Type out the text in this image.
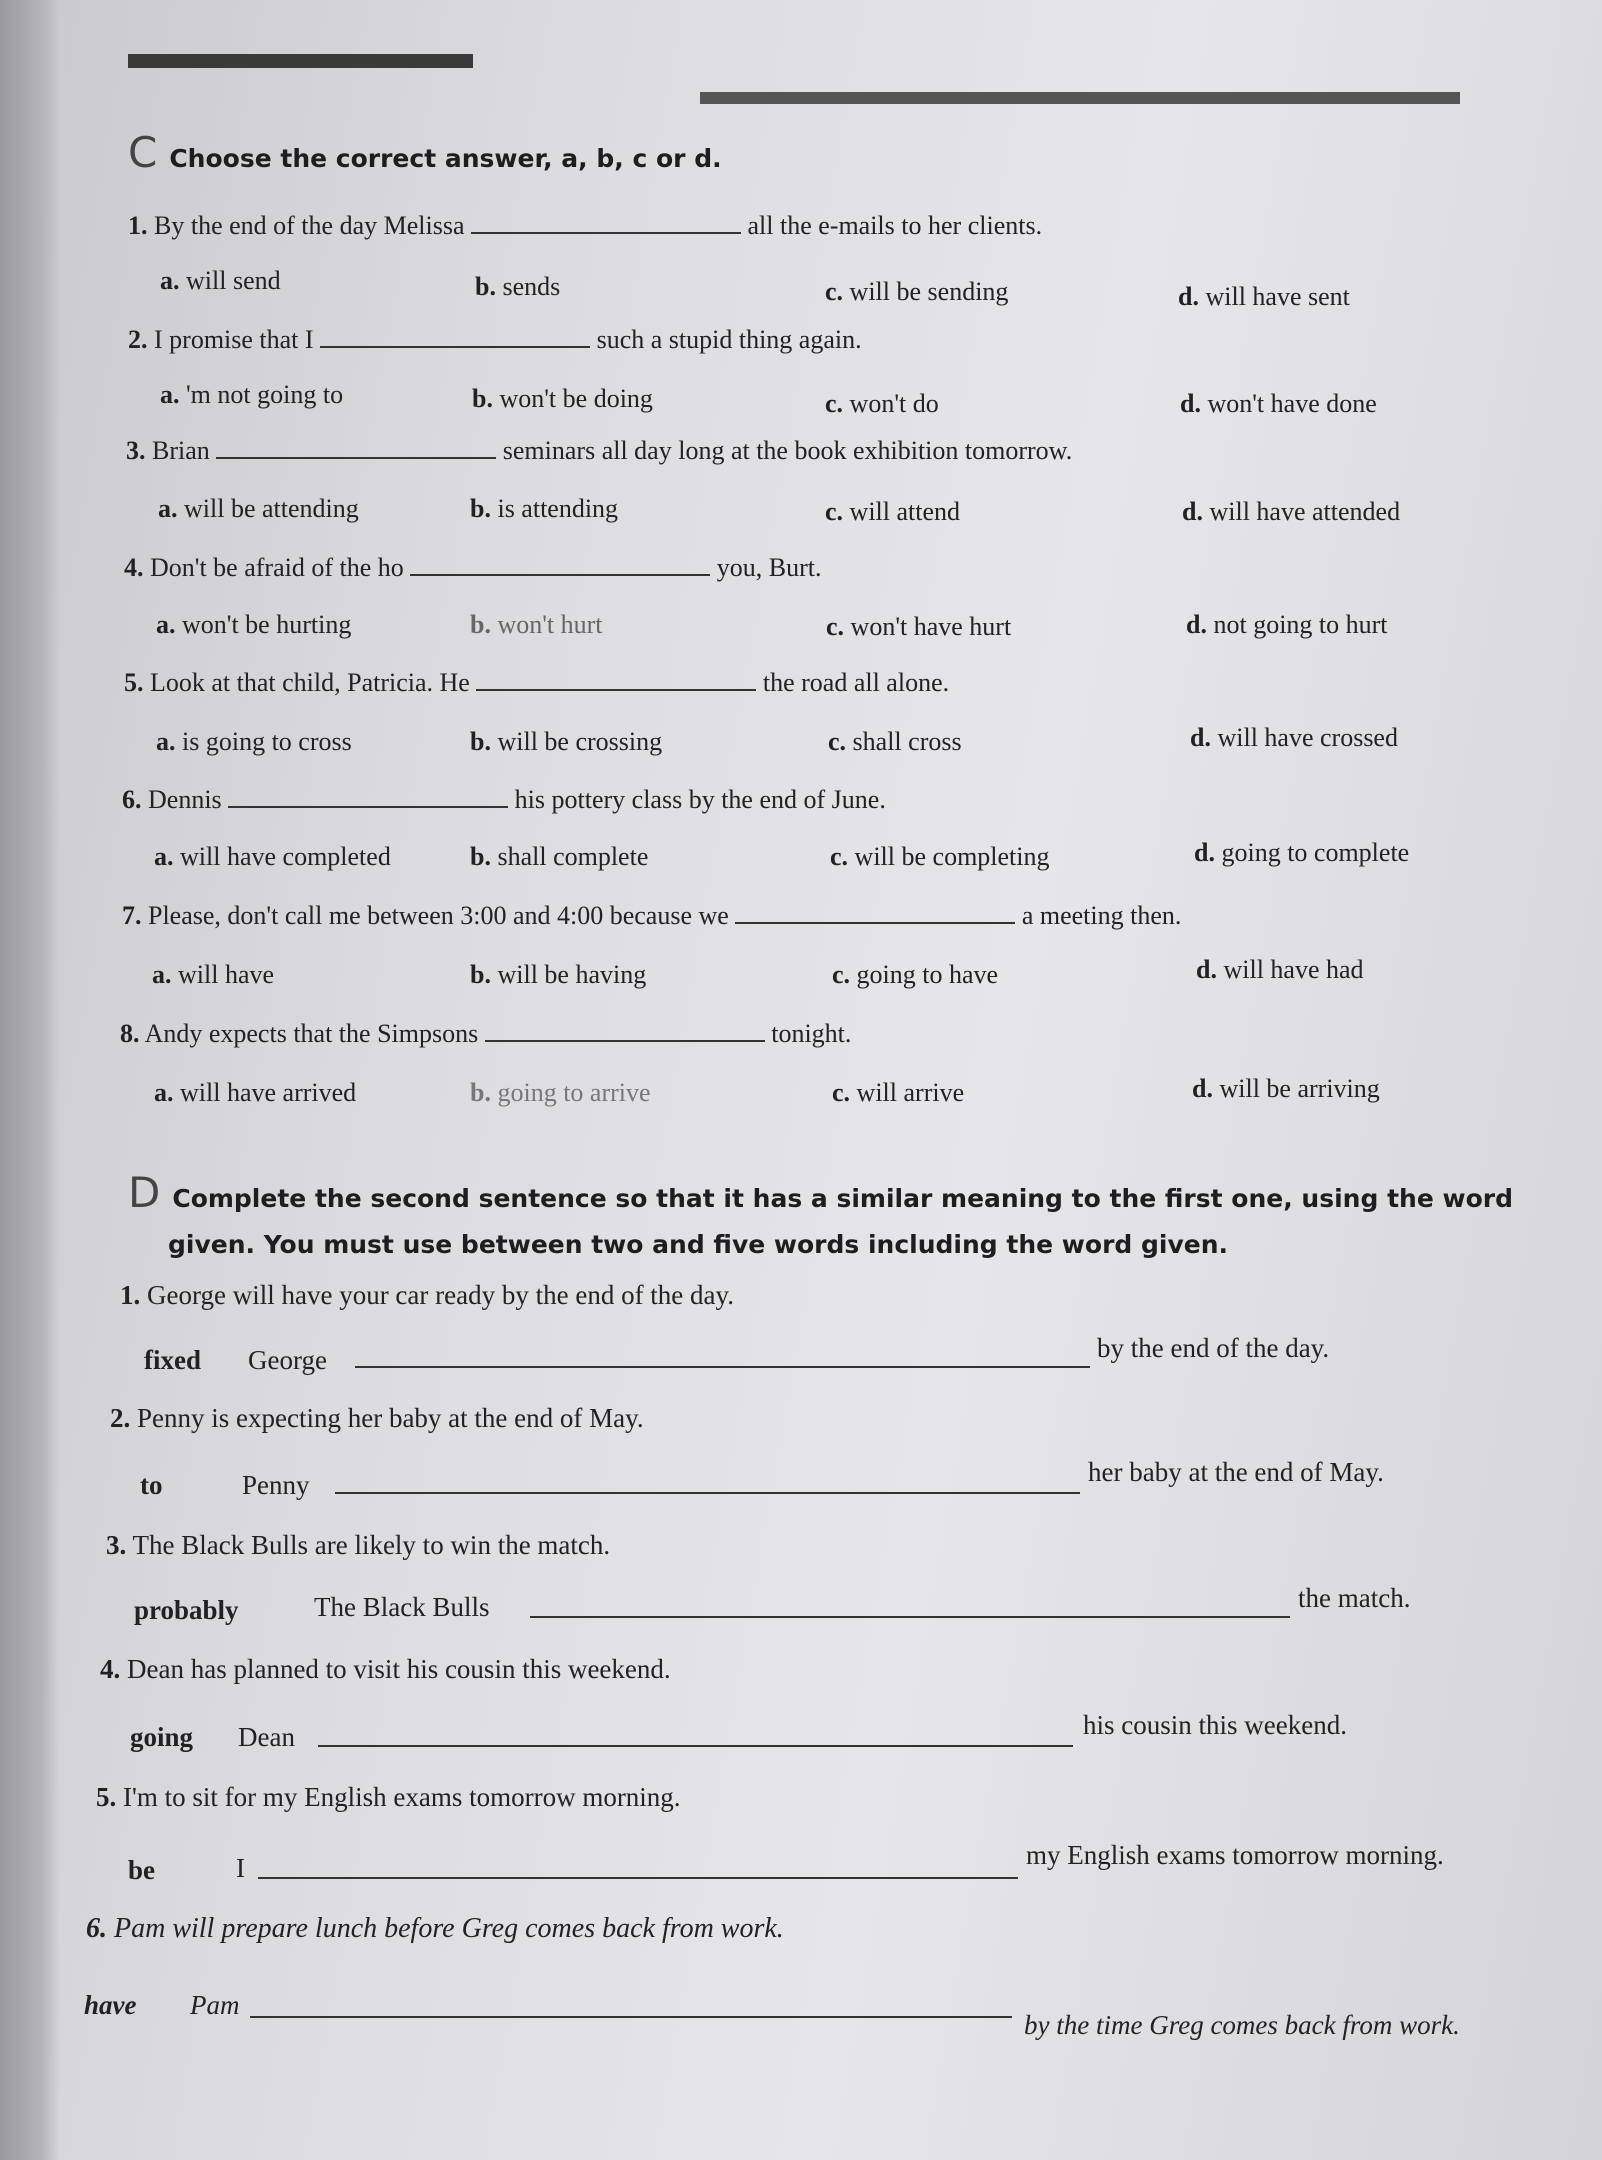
C Choose the correct answer, a, b, c or d.
1. By the end of the day Melissa	all the e-mails to her clients.
a. will send	b. sends	c. will be sending	d. will have sent
2. I promise that I	such a stupid thing again.
a. 'm not going to	b. won't be doing	c. won't do	d. won't have done
3. Brian	seminars all day long at the book exhibition tomorrow.
a. will be attending	b. is attending	c. will attend	d. will have attended
4. Don't be afraid of the ho	you, Burt.
a. won't be hurting	b. won't hurt	c. won't have hurt	d. not going to hurt
5. Look at that child, Patricia. He	the road all alone.
a. is going to cross	b. will be crossing	c. shall cross	d. will have crossed
6. Dennis	his pottery class by the end of June.
a. will have completed	b. shall complete	c. will be completing	d. going to complete
7. Please, don't call me between 3:00 and 4:00 because we	a meeting then.
a. will have	b. will be having	c. going to have	d. will have had
8. Andy expects that the Simpsons	tonight.
a. will have arrived	b. going to arrive	c. will arrive	d. will be arriving
D Complete the second sentence so that it has a similar meaning to the first one, using the word
given. You must use between two and five words including the word given.
1. George will have your car ready by the end of the day.
fixed George	by the end of the day.
2. Penny is expecting her baby at the end of May.
to	Penny	her baby at the end of May.
3. The Black Bulls are likely to win the match.
probably	The Black Bulls	the match.
4. Dean has planned to visit his cousin this weekend.
going Dean	his cousin this weekend.
5. I'm to sit for my English exams tomorrow morning.
be	I	my English exams tomorrow morning.
6. Pam will prepare lunch before Greg comes back from work.
have Pam
by the time Greg comes back from work.
